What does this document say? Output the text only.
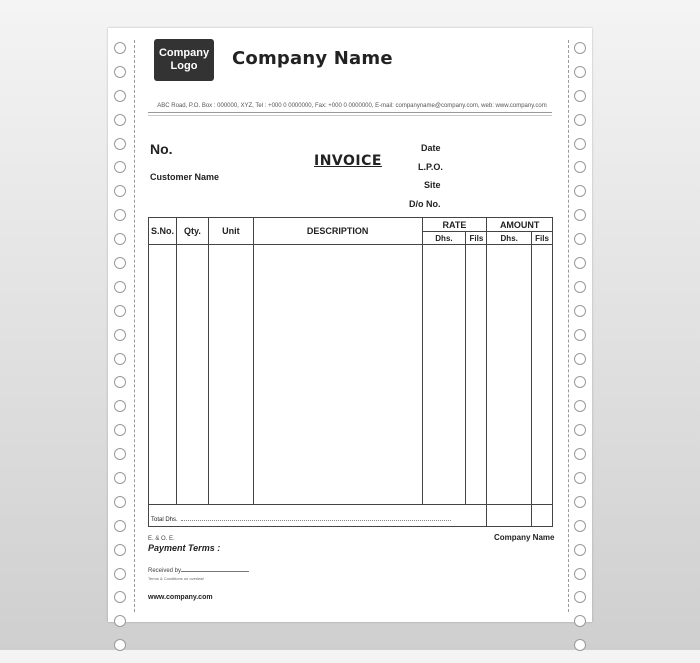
Company
Logo	Company Name
ABC Road, P.O. Box : 000000, XYZ, Tel : +000 0 0000000, Fax: +000 0 0000000, E-mail: companyname@company.com, web: www.company.com
No.
Customer Name
INVOICE
Date
L.P.O.
Site
D/o No.
S.No.	Qty.	Unit	DESCRIPTION	RATE		AMOUNT	
				Dhs.	Fils	Dhs.	Fils

Total Dhs.							

E. & O. E.
Payment Terms :
Company Name
Received by
Terms & Conditions on overleaf
www.company.com
